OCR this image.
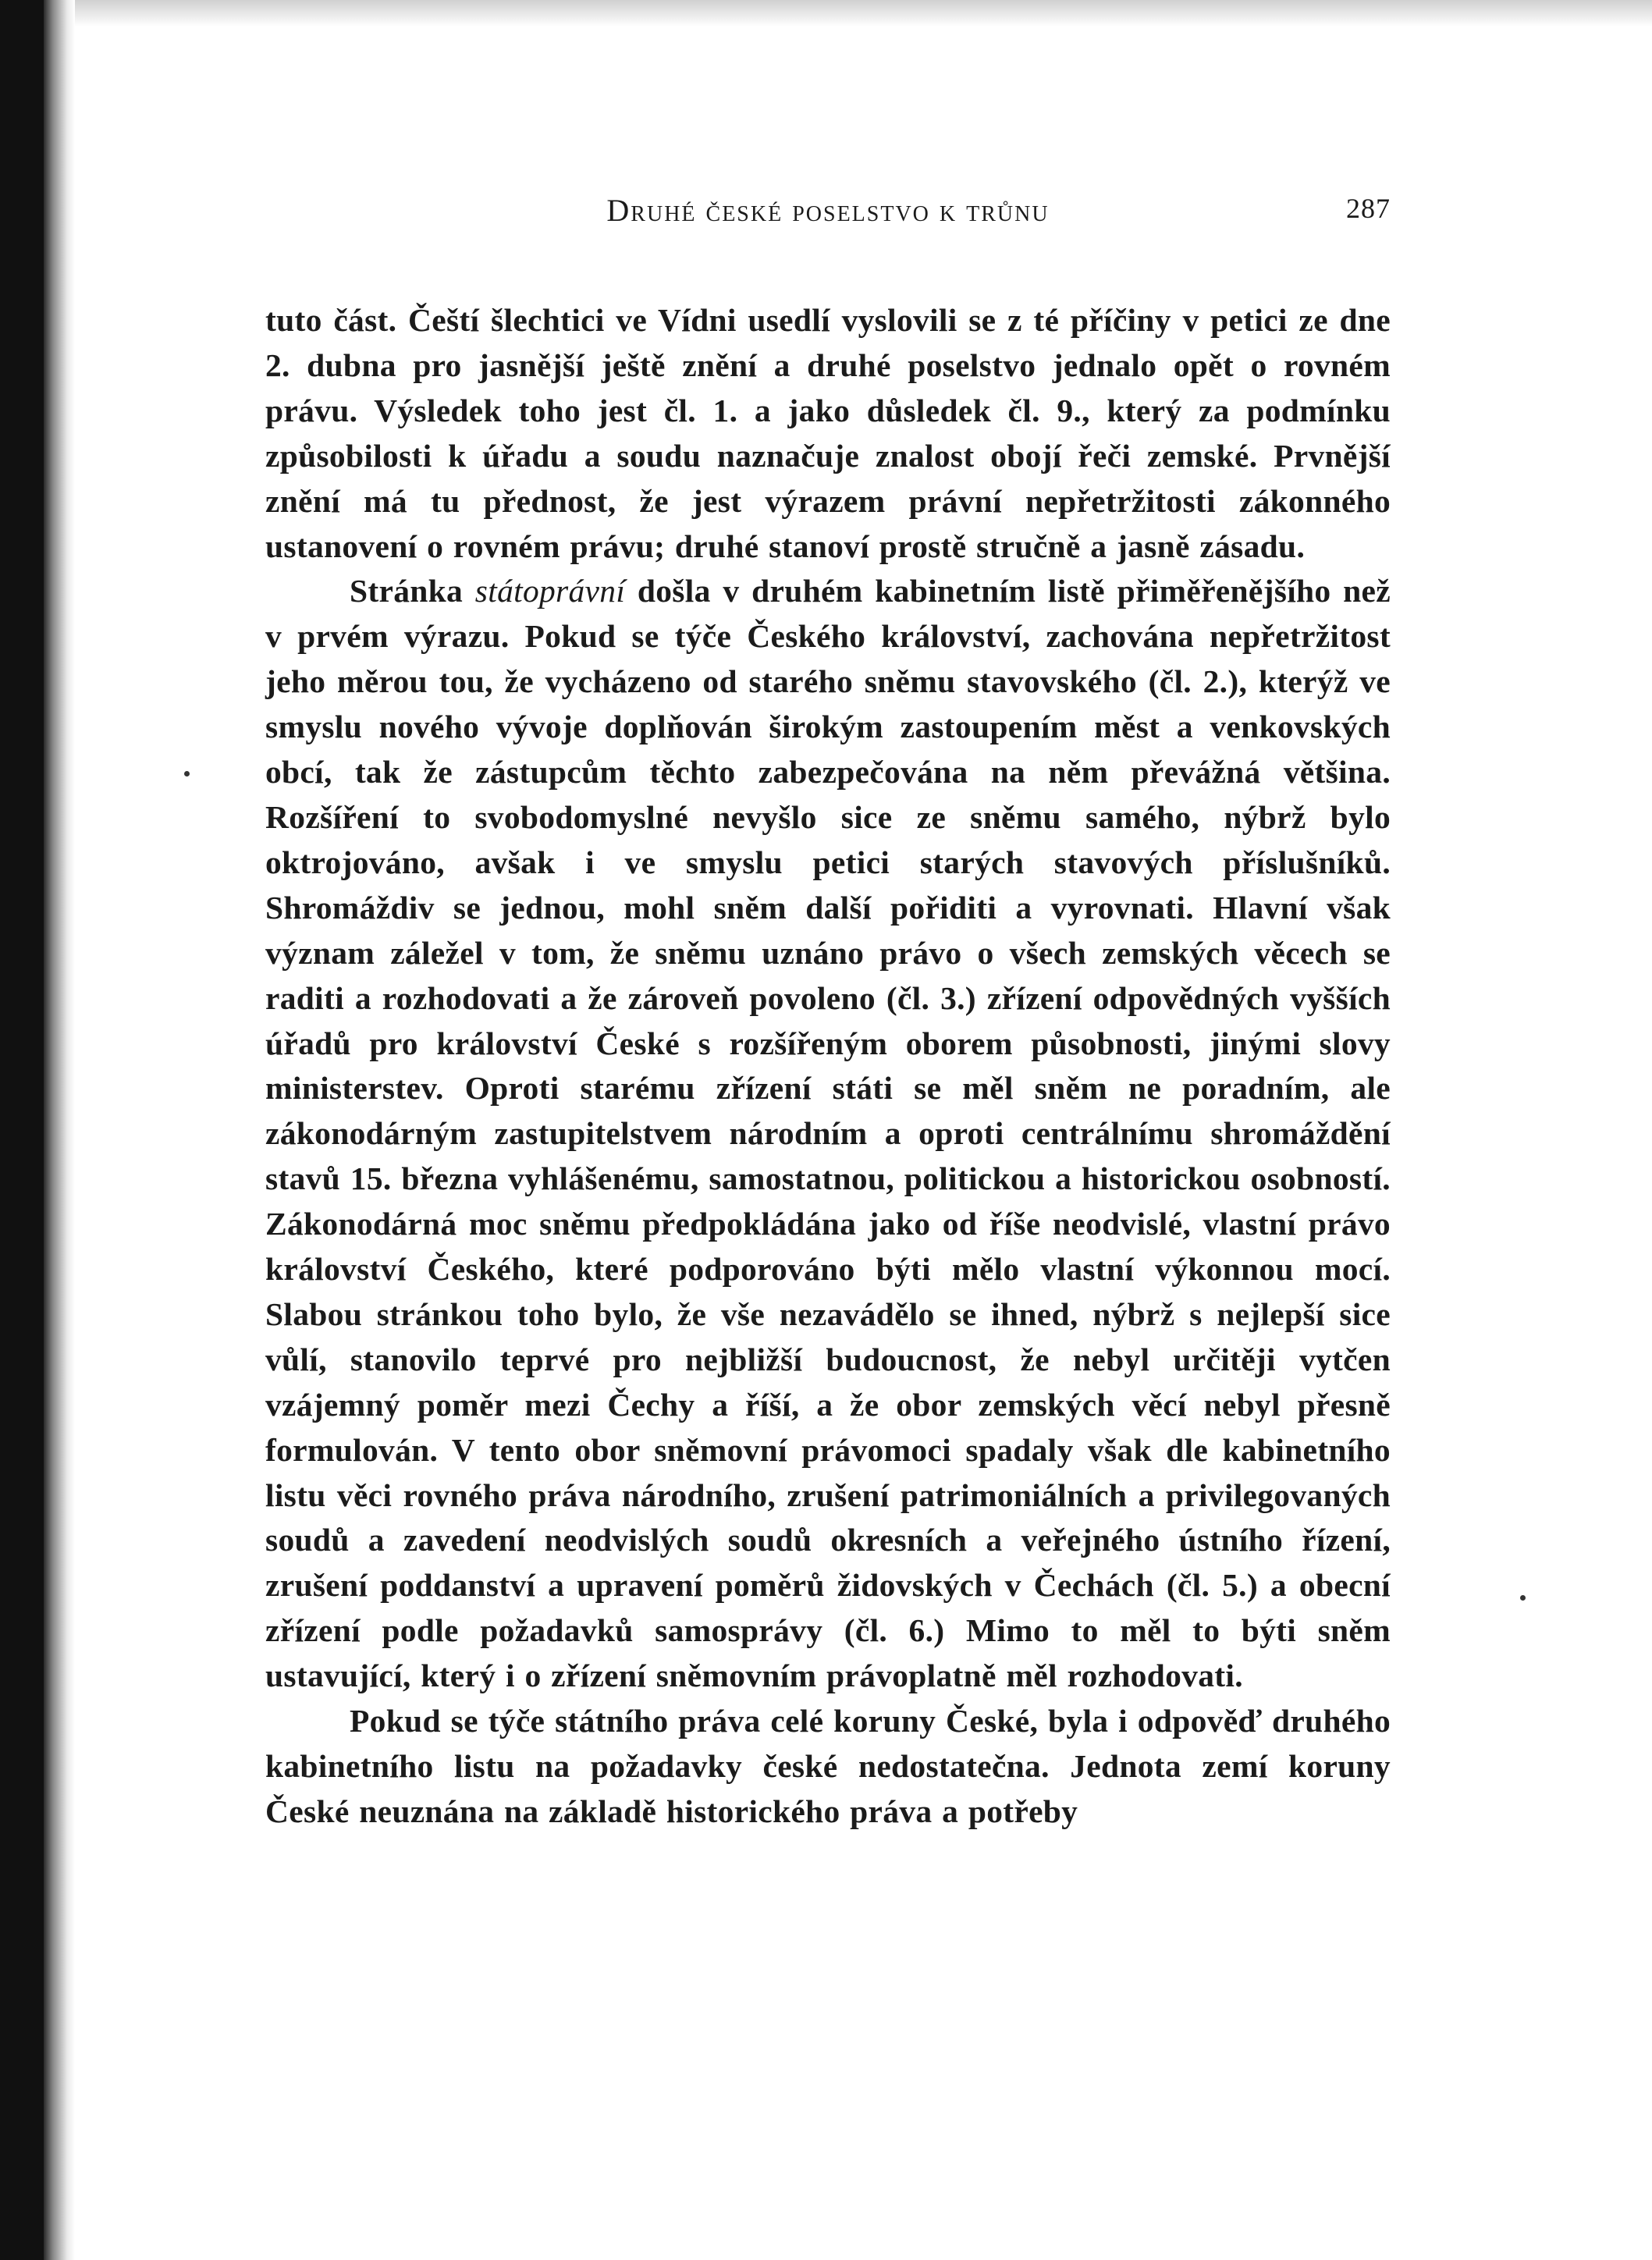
Druhé české poselstvo k trůnu	287

tuto část. Čeští šlechtici ve Vídni usedlí vyslovili se z té příčiny v petici ze dne 2. dubna pro jasnější ještě znění a druhé poselstvo jednalo opět o rovném právu. Výsledek toho jest čl. 1. a jako důsledek čl. 9., který za podmínku způsobilosti k úřadu a soudu naznačuje znalost obojí řeči zemské. Prvnější znění má tu přednost, že jest výrazem právní nepřetržitosti zákonného ustanovení o rovném právu; druhé stanoví prostě stručně a jasně zásadu.

Stránka státoprávní došla v druhém kabinetním listě přiměřenějšího než v prvém výrazu. Pokud se týče Českého království, zachována nepřetržitost jeho měrou tou, že vycházeno od starého sněmu stavovského (čl. 2.), kterýž ve smyslu nového vývoje doplňován širokým zastoupením měst a venkovských obcí, tak že zástupcům těchto zabezpečována na něm převážná většina. Rozšíření to svobodomyslné nevyšlo sice ze sněmu samého, nýbrž bylo oktrojováno, avšak i ve smyslu petici starých stavových příslušníků. Shromáždiv se jednou, mohl sněm další pořiditi a vyrovnati. Hlavní však význam záležel v tom, že sněmu uznáno právo o všech zemských věcech se raditi a rozhodovati a že zároveň povoleno (čl. 3.) zřízení odpovědných vyšších úřadů pro království České s rozšířeným oborem působnosti, jinými slovy ministerstev. Oproti starému zřízení státi se měl sněm ne poradním, ale zákonodárným zastupitelstvem národním a oproti centrálnímu shromáždění stavů 15. března vyhlášenému, samostatnou, politickou a historickou osobností. Zákonodárná moc sněmu předpokládána jako od říše neodvislé, vlastní právo království Českého, které podporováno býti mělo vlastní výkonnou mocí. Slabou stránkou toho bylo, že vše nezavádělo se ihned, nýbrž s nejlepší sice vůlí, stanovilo teprvé pro nejbližší budoucnost, že nebyl určitěji vytčen vzájemný poměr mezi Čechy a říší, a že obor zemských věcí nebyl přesně formulován. V tento obor sněmovní právomoci spadaly však dle kabinetního listu věci rovného práva národního, zrušení patrimoniálních a privilegovaných soudů a zavedení neodvislých soudů okresních a veřejného ústního řízení, zrušení poddanství a upravení poměrů židovských v Čechách (čl. 5.) a obecní zřízení podle požadavků samosprávy (čl. 6.) Mimo to měl to býti sněm ustavující, který i o zřízení sněmovním právoplatně měl rozhodovati.

Pokud se týče státního práva celé koruny České, byla i odpověď druhého kabinetního listu na požadavky české nedostatečna. Jednota zemí koruny České neuznána na základě historického práva a potřeby
